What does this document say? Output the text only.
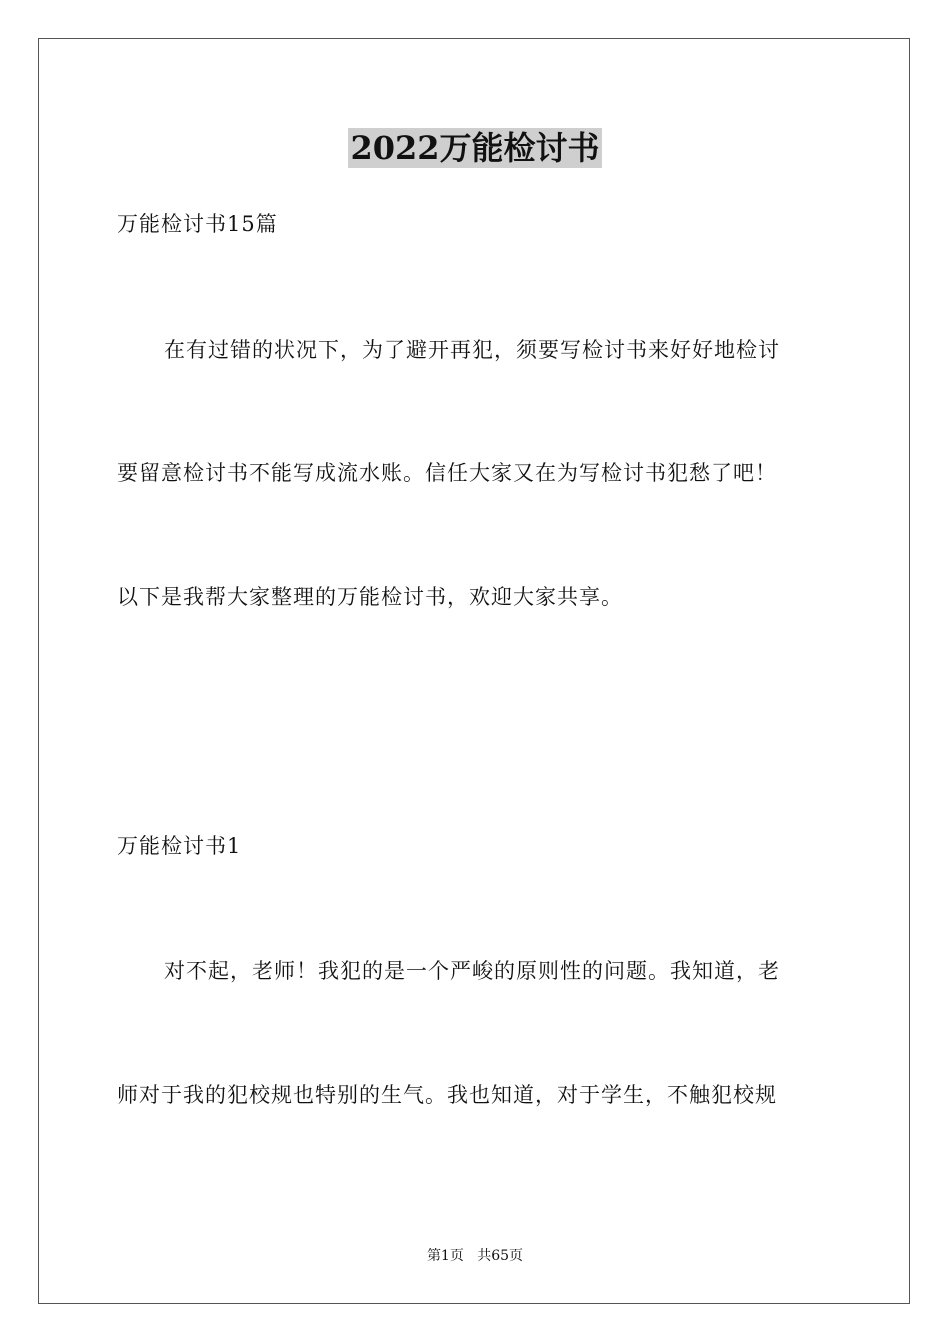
2022万能检讨书
万能检讨书15篇
在有过错的状况下，为了避开再犯，须要写检讨书来好好地检讨
要留意检讨书不能写成流水账。信任大家又在为写检讨书犯愁了吧！
以下是我帮大家整理的万能检讨书，欢迎大家共享。
万能检讨书1
对不起，老师！我犯的是一个严峻的原则性的问题。我知道，老
师对于我的犯校规也特别的生气。我也知道，对于学生，不触犯校规
第1页 共65页
